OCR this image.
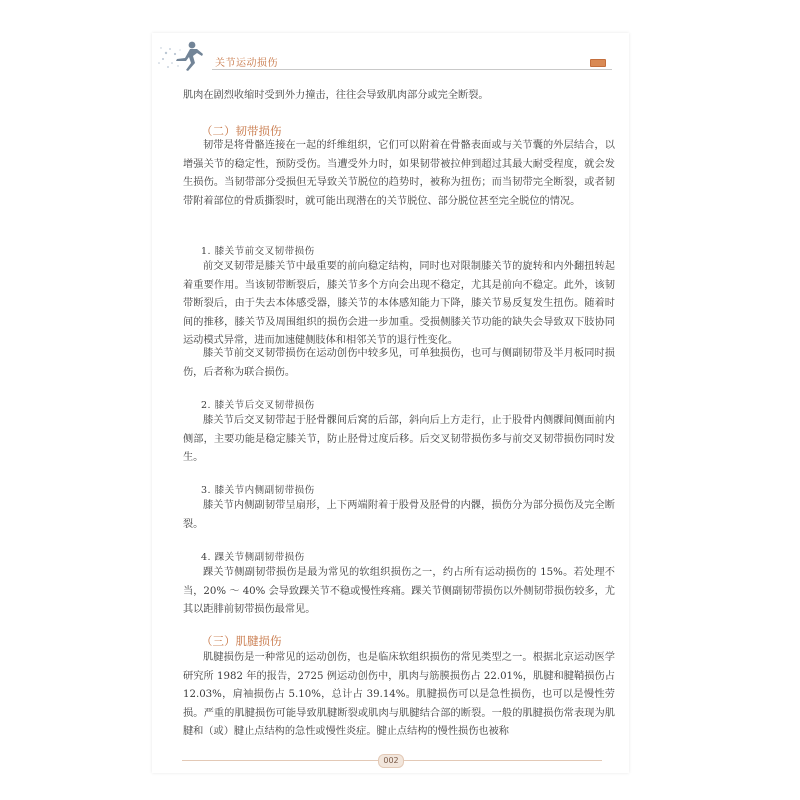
关节运动损伤

肌肉在剧烈收缩时受到外力撞击，往往会导致肌肉部分或完全断裂。

（二）韧带损伤

韧带是将骨骼连接在一起的纤维组织，它们可以附着在骨骼表面或与关节囊的外层结合，以增强关节的稳定性，预防受伤。当遭受外力时，如果韧带被拉伸到超过其最大耐受程度，就会发生损伤。当韧带部分受损但无导致关节脱位的趋势时，被称为扭伤；而当韧带完全断裂，或者韧带附着部位的骨质撕裂时，就可能出现潜在的关节脱位、部分脱位甚至完全脱位的情况。

1. 膝关节前交叉韧带损伤

前交叉韧带是膝关节中最重要的前向稳定结构，同时也对限制膝关节的旋转和内外翻扭转起着重要作用。当该韧带断裂后，膝关节多个方向会出现不稳定，尤其是前向不稳定。此外，该韧带断裂后，由于失去本体感受器，膝关节的本体感知能力下降，膝关节易反复发生扭伤。随着时间的推移，膝关节及周围组织的损伤会进一步加重。受损侧膝关节功能的缺失会导致双下肢协同运动模式异常，进而加速健侧肢体和相邻关节的退行性变化。

膝关节前交叉韧带损伤在运动创伤中较多见，可单独损伤，也可与侧副韧带及半月板同时损伤，后者称为联合损伤。

2. 膝关节后交叉韧带损伤

膝关节后交叉韧带起于胫骨髁间后窝的后部，斜向后上方走行，止于股骨内侧髁间侧面前内侧部，主要功能是稳定膝关节，防止胫骨过度后移。后交叉韧带损伤多与前交叉韧带损伤同时发生。

3. 膝关节内侧副韧带损伤

膝关节内侧副韧带呈扇形，上下两端附着于股骨及胫骨的内髁，损伤分为部分损伤及完全断裂。

4. 踝关节侧副韧带损伤

踝关节侧副韧带损伤是最为常见的软组织损伤之一，约占所有运动损伤的 15%。若处理不当，20% ～ 40% 会导致踝关节不稳或慢性疼痛。踝关节侧副韧带损伤以外侧韧带损伤较多，尤其以距腓前韧带损伤最常见。

（三）肌腱损伤

肌腱损伤是一种常见的运动创伤，也是临床软组织损伤的常见类型之一。根据北京运动医学研究所 1982 年的报告，2725 例运动创伤中，肌肉与筋膜损伤占 22.01%，肌腱和腱鞘损伤占 12.03%，肩袖损伤占 5.10%，总计占 39.14%。肌腱损伤可以是急性损伤，也可以是慢性劳损。严重的肌腱损伤可能导致肌腱断裂或肌肉与肌腱结合部的断裂。一般的肌腱损伤常表现为肌腱和（或）腱止点结构的急性或慢性炎症。腱止点结构的慢性损伤也被称

002
